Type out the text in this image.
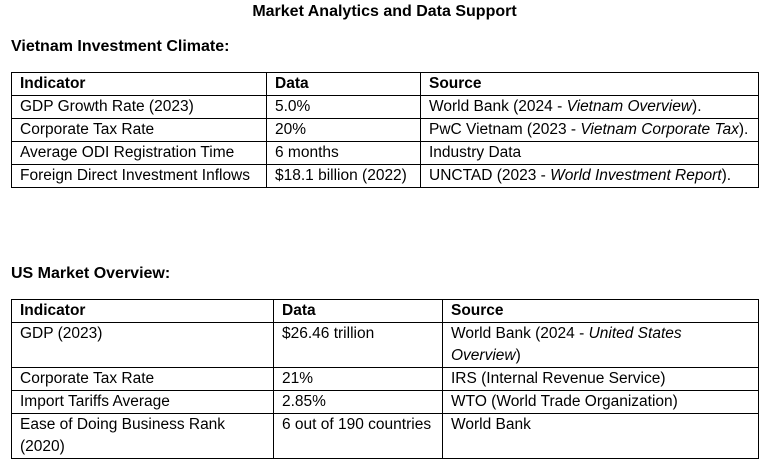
Market Analytics and Data Support
Vietnam Investment Climate:
Indicator	Data	Source
GDP Growth Rate (2023)	5.0%	World Bank (2024 - Vietnam Overview).
Corporate Tax Rate	20%	PwC Vietnam (2023 - Vietnam Corporate Tax).
Average ODI Registration Time	6 months	Industry Data
Foreign Direct Investment Inflows	$18.1 billion (2022)	UNCTAD (2023 - World Investment Report).
US Market Overview:
Indicator	Data	Source
GDP (2023)	$26.46 trillion	World Bank (2024 - United States Overview)
Corporate Tax Rate	21%	IRS (Internal Revenue Service)
Import Tariffs Average	2.85%	WTO (World Trade Organization)
Ease of Doing Business Rank (2020)	6 out of 190 countries	World Bank
